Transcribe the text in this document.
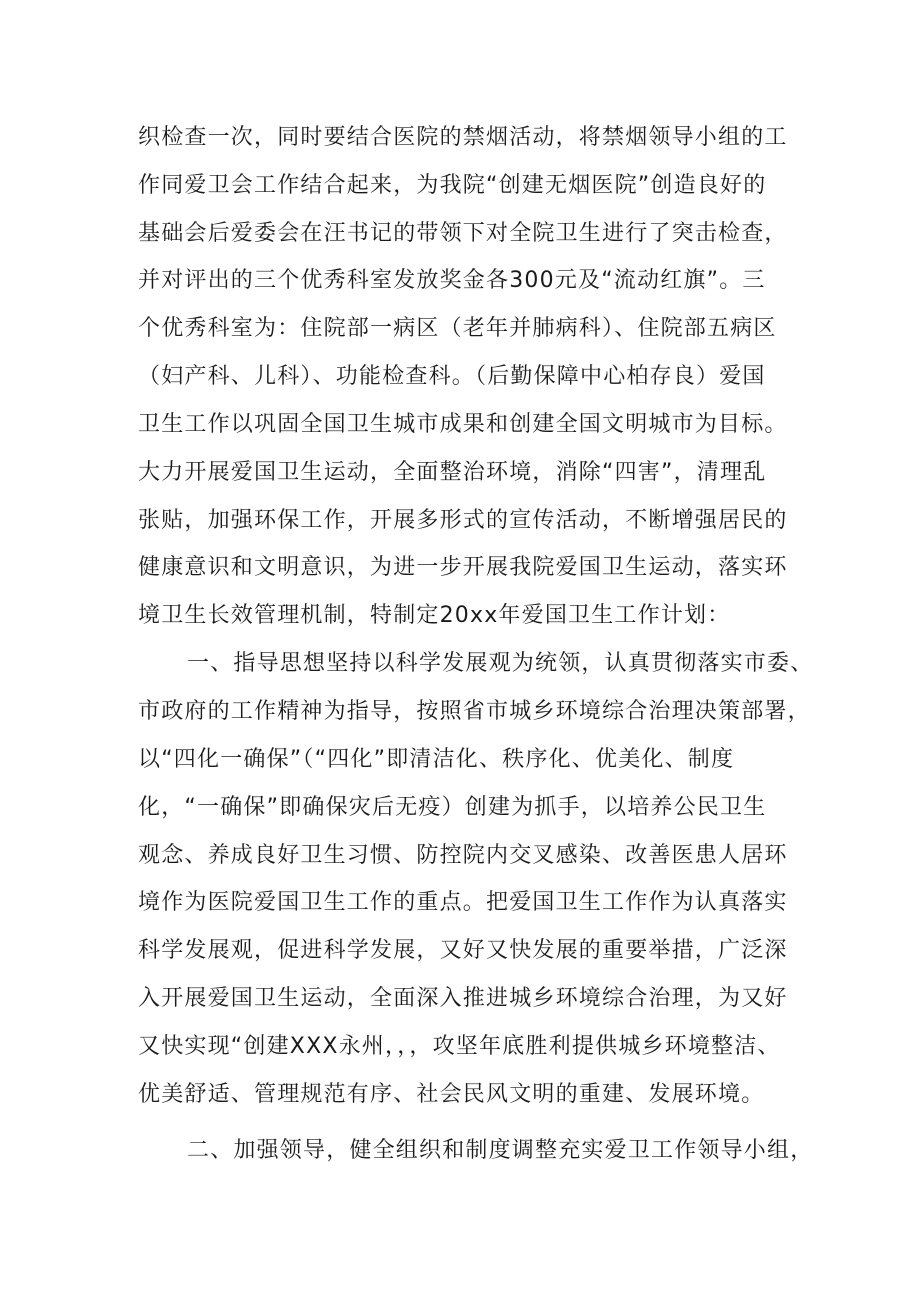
织检查一次，同时要结合医院的禁烟活动，将禁烟领导小组的工
作同爱卫会工作结合起来，为我院“创建无烟医院”创造良好的
基础会后爱委会在汪书记的带领下对全院卫生进行了突击检查，
并对评出的三个优秀科室发放奖金各300元及“流动红旗”。三
个优秀科室为：住院部一病区（老年并肺病科）、住院部五病区
（妇产科、儿科）、功能检查科。（后勤保障中心柏存良）爱国
卫生工作以巩固全国卫生城市成果和创建全国文明城市为目标。
大力开展爱国卫生运动，全面整治环境，消除“四害”，清理乱
张贴，加强环保工作，开展多形式的宣传活动，不断增强居民的
健康意识和文明意识，为进一步开展我院爱国卫生运动，落实环
境卫生长效管理机制，特制定20xx年爱国卫生工作计划：
一、指导思想坚持以科学发展观为统领，认真贯彻落实市委、
市政府的工作精神为指导，按照省市城乡环境综合治理决策部署，
以“四化一确保”（“四化”即清洁化、秩序化、优美化、制度
化，“一确保”即确保灾后无疫）创建为抓手，以培养公民卫生
观念、养成良好卫生习惯、防控院内交叉感染、改善医患人居环
境作为医院爱国卫生工作的重点。把爱国卫生工作作为认真落实
科学发展观，促进科学发展，又好又快发展的重要举措，广泛深
入开展爱国卫生运动，全面深入推进城乡环境综合治理，为又好
又快实现“创建XXX永州，，，攻坚年底胜利提供城乡环境整洁、
优美舒适、管理规范有序、社会民风文明的重建、发展环境。
二、加强领导，健全组织和制度调整充实爱卫工作领导小组，
